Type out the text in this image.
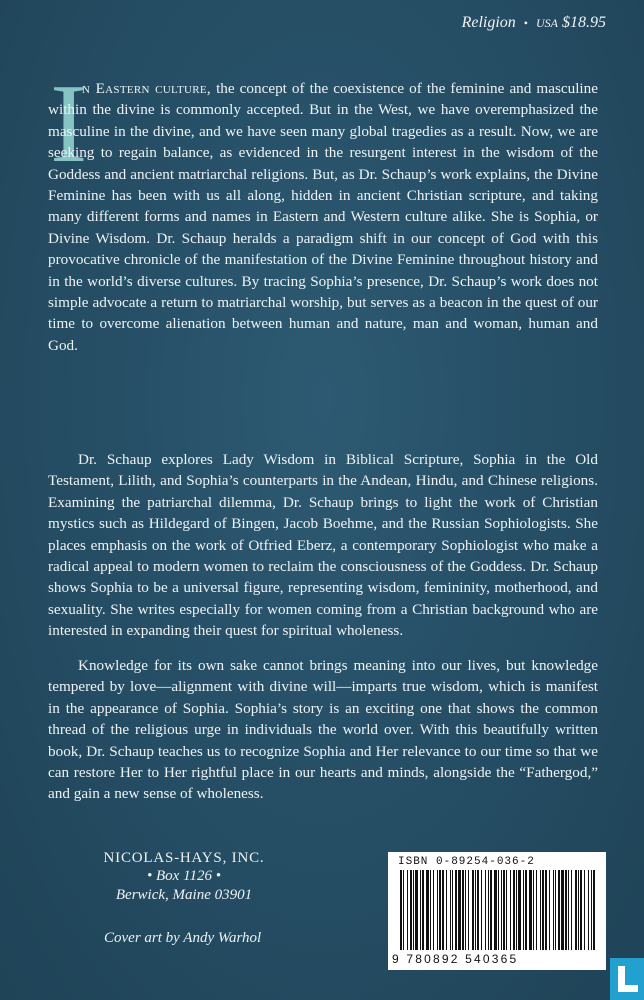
Religion • USA $18.95
I

n Eastern culture, the concept of the coexistence of the feminine and masculine within the divine is commonly accepted. But in the West, we have overemphasized the masculine in the divine, and we have seen many global tragedies as a result. Now, we are seeking to regain balance, as evidenced in the resurgent interest in the wisdom of the Goddess and ancient matriarchal religions. But, as Dr. Schaup’s work explains, the Divine Feminine has been with us all along, hidden in ancient Christian scripture, and taking many different forms and names in Eastern and Western culture alike. She is Sophia, or Divine Wisdom. Dr. Schaup heralds a paradigm shift in our concept of God with this provocative chronicle of the manifestation of the Divine Feminine throughout history and in the world’s diverse cultures. By tracing Sophia’s presence, Dr. Schaup’s work does not simple advocate a return to matriarchal worship, but serves as a beacon in the quest of our time to overcome alienation between human and nature, man and woman, human and God.

Dr. Schaup explores Lady Wisdom in Biblical Scripture, Sophia in the Old Testament, Lilith, and Sophia’s counterparts in the Andean, Hindu, and Chinese religions. Examining the patriarchal dilemma, Dr. Schaup brings to light the work of Christian mystics such as Hildegard of Bingen, Jacob Boehme, and the Russian Sophiologists. She places emphasis on the work of Otfried Eberz, a contemporary Sophiologist who make a radical appeal to modern women to reclaim the consciousness of the Goddess. Dr. Schaup shows Sophia to be a universal figure, representing wisdom, femininity, motherhood, and sexuality. She writes especially for women coming from a Christian background who are interested in expanding their quest for spiritual wholeness.

Knowledge for its own sake cannot brings meaning into our lives, but knowledge tempered by love—alignment with divine will—imparts true wisdom, which is manifest in the appearance of Sophia. Sophia’s story is an exciting one that shows the common thread of the religious urge in individuals the world over. With this beautifully written book, Dr. Schaup teaches us to recognize Sophia and Her relevance to our time so that we can restore Her to Her rightful place in our hearts and minds, alongside the “Fathergod,” and gain a new sense of wholeness.

NICOLAS-HAYS, INC.
• Box 1126 •
Berwick, Maine 03901
Cover art by Andy Warhol
ISBN 0-89254-036-2
9 780892 540365
